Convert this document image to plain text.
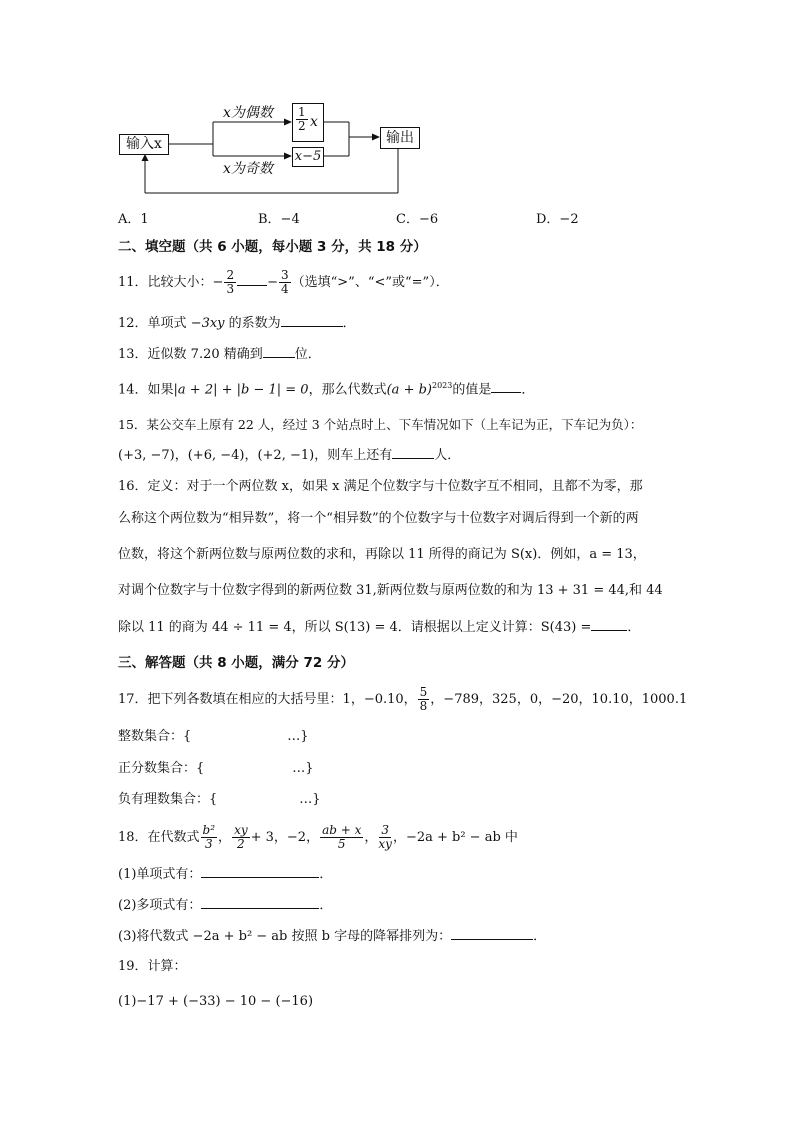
输入x
x为偶数
x为奇数
$\frac{1}{2}$ x
x−5
输出
A．1	B．−4	C．−6	D．−2
二、填空题（共 6 小题，每小题 3 分，共 18 分）
11．比较大小：− $\frac{2}{3} - \frac{3}{4}$ （选填“>”、“<”或“=”）．
12．单项式 −3xy 的系数为	．
13．近似数 7.20 精确到 位．
14．如果|a + 2| + |b − 1| = 0，那么代数式$(a + b)^{2023}$的值是 ．
15．某公交车上原有 22 人，经过 3 个站点时上、下车情况如下（上车记为正，下车记为负）：
(+3, −7)，(+6, −4)，(+2, −1)，则车上还有	人．
16．定义：对于一个两位数 x，如果 x 满足个位数字与十位数字互不相同，且都不为零，那
么称这个两位数为“相异数”，将一个“相异数”的个位数字与十位数字对调后得到一个新的两
位数，将这个新两位数与原两位数的求和，再除以 11 所得的商记为 S(x)．例如，a = 13，
对调个位数字与十位数字得到的新两位数 31,新两位数与原两位数的和为 13 + 31 = 44,和 44
除以 11 的商为 44 ÷ 11 = 4，所以 S(13) = 4．请根据以上定义计算：S(43) =	．
三、解答题（共 8 小题，满分 72 分）
17．把下列各数填在相应的大括号里：1，−0.10， $\frac{5}{8}$ ，−789，325，0，−20，10.10，1000.1
整数集合：{	…}
正分数集合：{	…}
负有理数集合：{	…}
18．在代数式 $\frac{\text{b²}}{3}$ ， $\frac{xy}{2} + 3$，−2， $\frac{ab + x}{5}$ ， $\frac{3}{xy}$ ，−2a + b² − ab 中
(1)单项式有：	．
(2)多项式有：	．
(3)将代数式 −2a + b² − ab 按照 b 字母的降幂排列为：	．
19．计算：
(1)−17 + (−33) − 10 − (−16)
